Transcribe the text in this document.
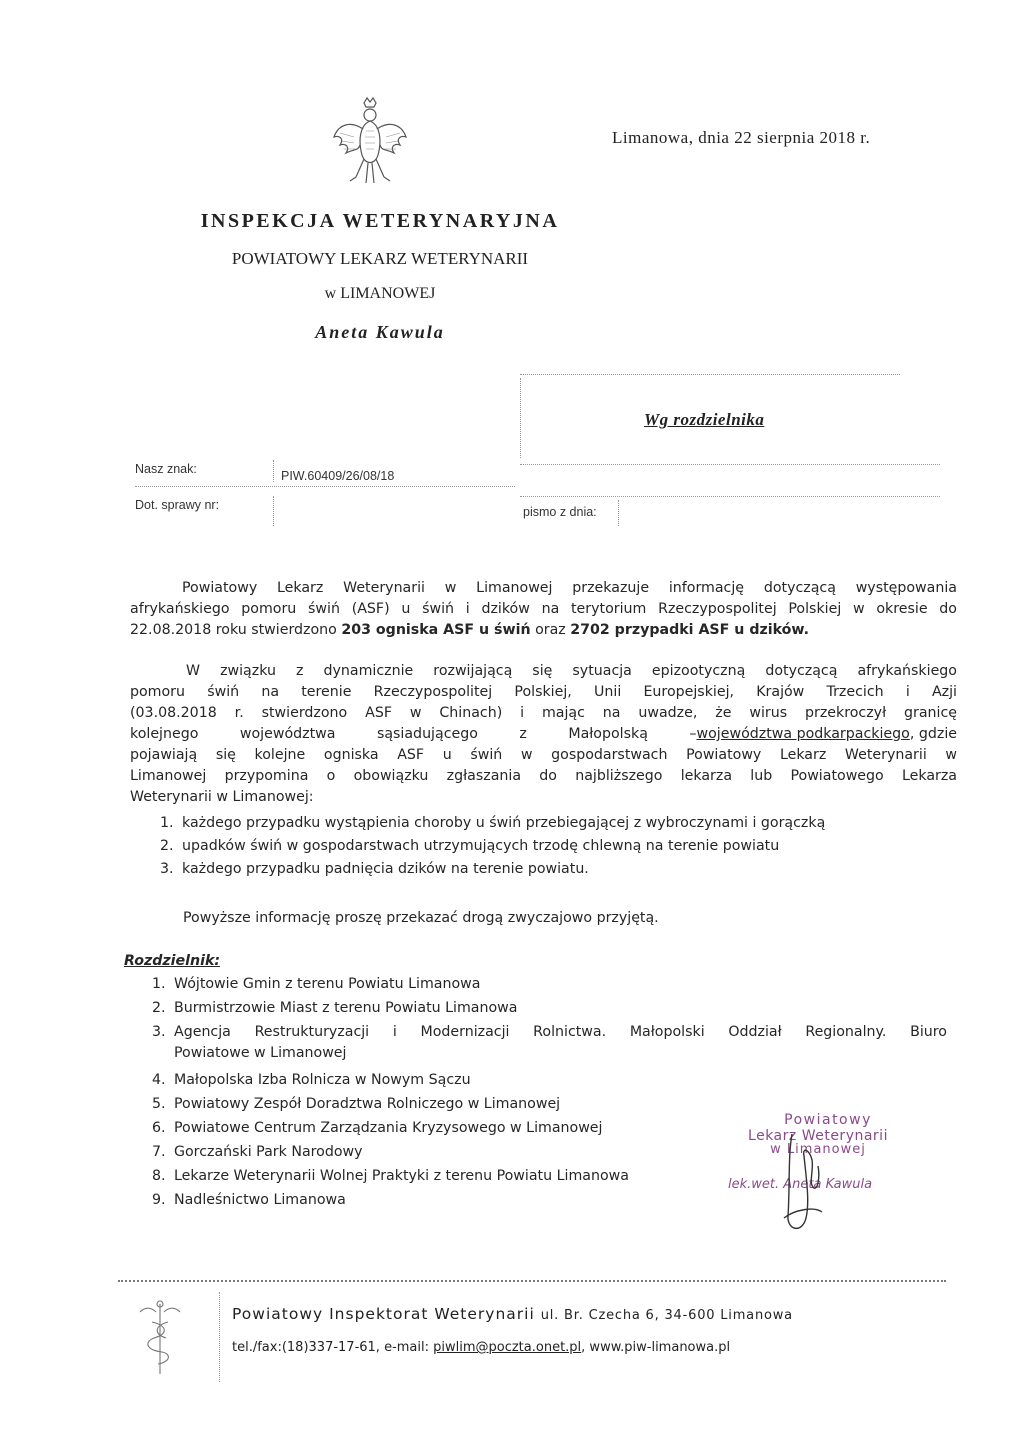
Limanowa, dnia 22 sierpnia 2018 r.
INSPEKCJA WETERYNARYJNA
POWIATOWY LEKARZ WETERYNARII
w LIMANOWEJ
Aneta Kawula
Wg rozdzielnika
Nasz znak:	PIW.60409/26/08/18
Dot. sprawy nr:	pismo z dnia:
Powiatowy Lekarz Weterynarii w Limanowej przekazuje informację dotyczącą występowania
afrykańskiego pomoru świń (ASF) u świń i dzików na terytorium Rzeczypospolitej Polskiej w okresie do
22.08.2018 roku stwierdzono 203 ogniska ASF u świń oraz 2702 przypadki ASF u dzików.
W związku z dynamicznie rozwijającą się sytuacja epizootyczną dotyczącą afrykańskiego
pomoru świń na terenie Rzeczypospolitej Polskiej, Unii Europejskiej, Krajów Trzecich i Azji
(03.08.2018 r. stwierdzono ASF w Chinach) i mając na uwadze, że wirus przekroczył granicę
kolejnego województwa sąsiadującego z Małopolską – województwa podkarpackiego , gdzie
pojawiają się kolejne ogniska ASF u świń w gospodarstwach Powiatowy Lekarz Weterynarii w
Limanowej przypomina o obowiązku zgłaszania do najbliższego lekarza lub Powiatowego Lekarza
Weterynarii w Limanowej:
1. każdego przypadku wystąpienia choroby u świń przebiegającej z wybroczynami i gorączką
2. upadków świń w gospodarstwach utrzymujących trzodę chlewną na terenie powiatu
3. każdego przypadku padnięcia dzików na terenie powiatu.
Powyższe informację proszę przekazać drogą zwyczajowo przyjętą.
Rozdzielnik:
1. Wójtowie Gmin z terenu Powiatu Limanowa
2. Burmistrzowie Miast z terenu Powiatu Limanowa
3. Agencja Restrukturyzacji i Modernizacji Rolnictwa. Małopolski Oddział Regionalny. Biuro
Powiatowe w Limanowej
4. Małopolska Izba Rolnicza w Nowym Sączu
5. Powiatowy Zespół Doradztwa Rolniczego w Limanowej
6. Powiatowe Centrum Zarządzania Kryzysowego w Limanowej
7. Gorczański Park Narodowy
8. Lekarze Weterynarii Wolnej Praktyki z terenu Powiatu Limanowa
9. Nadleśnictwo Limanowa
Powiatowy
Lekarz Weterynarii
w Limanowej
lek.wet. Aneta Kawula
Powiatowy Inspektorat Weterynarii ul. Br. Czecha 6, 34-600 Limanowa
tel./fax:(18)337-17-61, e-mail: piwlim@poczta.onet.pl, www.piw-limanowa.pl
